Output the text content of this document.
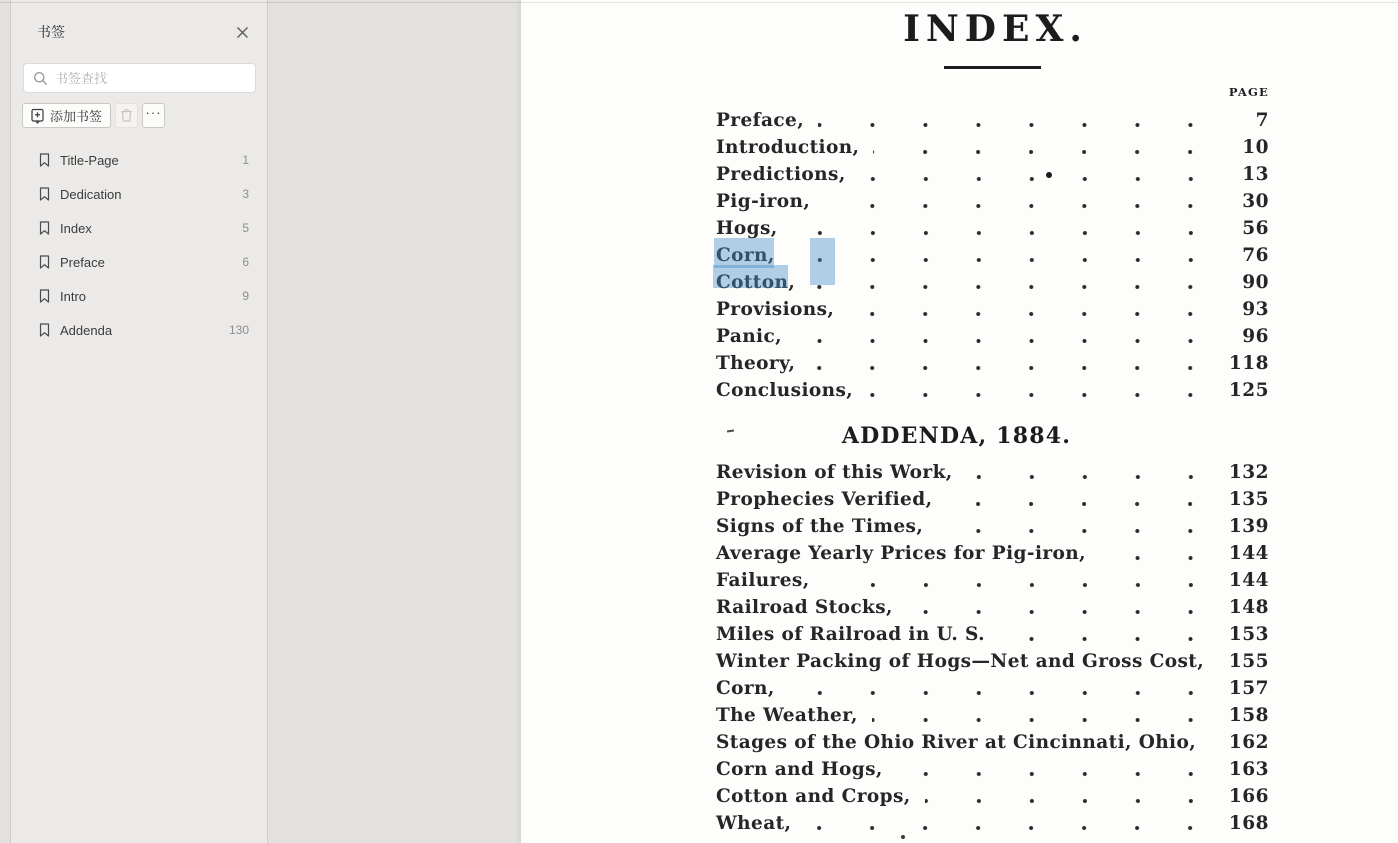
书签
书签查找
添加书签	···
Title-Page	1
Dedication	3
Index	5
Preface	6
Intro	9
Addenda	130
INDEX.
PAGE
Preface,	7
Introduction,	10
Predictions,	13
Pig-iron,	30
Hogs,	56
Corn,	76
Cotton,	90
Provisions,	93
Panic,	96
Theory,	118
Conclusions,	125
ADDENDA, 1884.
Revision of this Work,	132
Prophecies Verified,	135
Signs of the Times,	139
Average Yearly Prices for Pig-iron,	144
Failures,	144
Railroad Stocks,	148
Miles of Railroad in U. S.	153
Winter Packing of Hogs—Net and Gross Cost,	155
Corn,	157
The Weather,	158
Stages of the Ohio River at Cincinnati, Ohio,	162
Corn and Hogs,	163
Cotton and Crops,	166
Wheat,	168
